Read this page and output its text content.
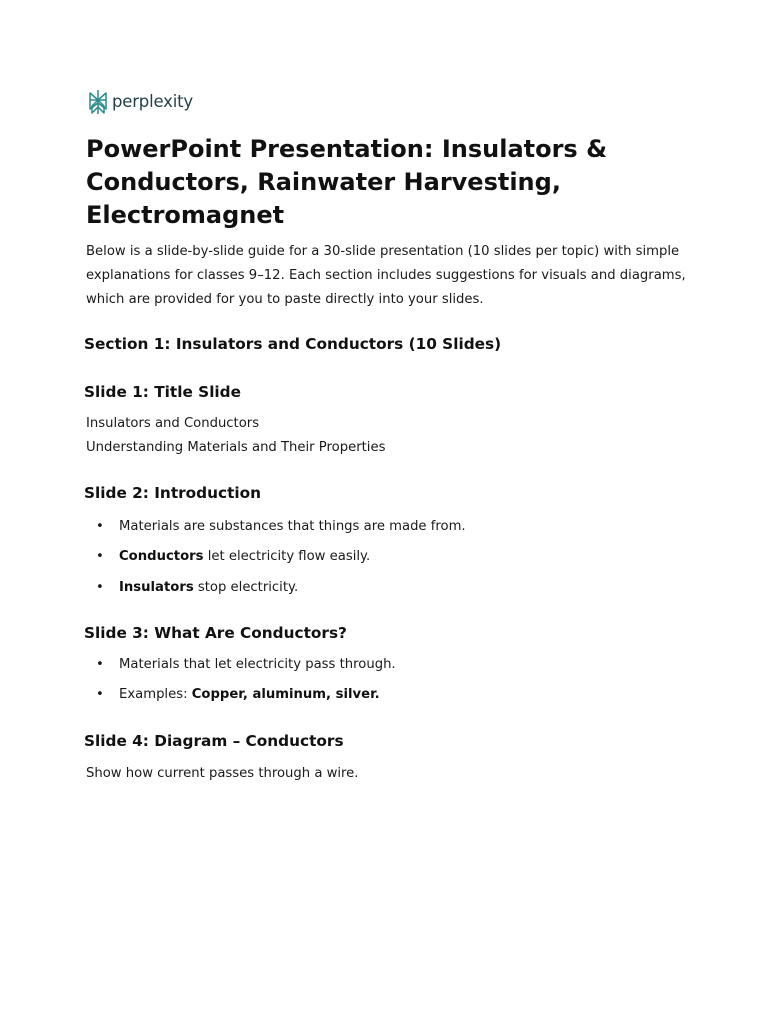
perplexity
PowerPoint Presentation: Insulators & Conductors, Rainwater Harvesting, Electromagnet

Below is a slide-by-slide guide for a 30-slide presentation (10 slides per topic) with simple explanations for classes 9–12. Each section includes suggestions for visuals and diagrams, which are provided for you to paste directly into your slides.

Section 1: Insulators and Conductors (10 Slides)
Slide 1: Title Slide

Insulators and Conductors

Understanding Materials and Their Properties

Slide 2: Introduction
• Materials are substances that things are made from.
• Conductors let electricity flow easily.
• Insulators stop electricity.
Slide 3: What Are Conductors?
• Materials that let electricity pass through.
• Examples: Copper, aluminum, silver.
Slide 4: Diagram – Conductors

Show how current passes through a wire.
